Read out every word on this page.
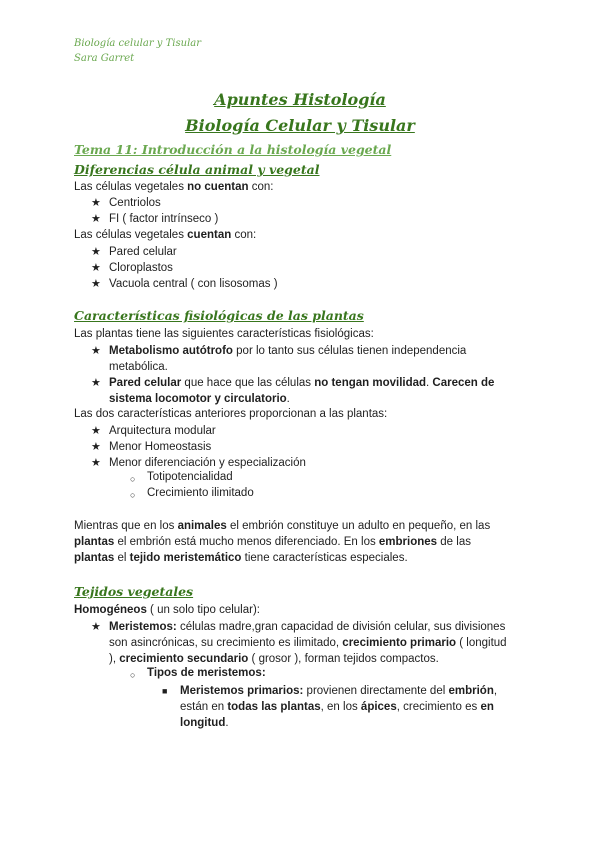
Biología celular y Tisular
Sara Garret
Apuntes Histología
Biología Celular y Tisular
Tema 11: Introducción a la histología vegetal
Diferencias célula animal y vegetal
Las células vegetales no cuentan con:
★ Centriolos
★ FI ( factor intrínseco )
Las células vegetales cuentan con:
★ Pared celular
★ Cloroplastos
★ Vacuola central ( con lisosomas )
Características fisiológicas de las plantas
Las plantas tiene las siguientes características fisiológicas:
★ Metabolismo autótrofo por lo tanto sus células tienen independencia
metabólica.
★ Pared celular que hace que las células no tengan movilidad. Carecen de
sistema locomotor y circulatorio.
Las dos características anteriores proporcionan a las plantas:
★ Arquitectura modular
★ Menor Homeostasis
★ Menor diferenciación y especialización
○ Totipotencialidad
○ Crecimiento ilimitado
Mientras que en los animales el embrión constituye un adulto en pequeño, en las
plantas el embrión está mucho menos diferenciado. En los embriones de las
plantas el tejido meristemático tiene características especiales.
Tejidos vegetales
Homogéneos ( un solo tipo celular):
★ Meristemos: células madre,gran capacidad de división celular, sus divisiones
son asincrónicas, su crecimiento es ilimitado, crecimiento primario ( longitud
), crecimiento secundario ( grosor ), forman tejidos compactos.
○ Tipos de meristemos:
■ Meristemos primarios: provienen directamente del embrión,
están en todas las plantas, en los ápices, crecimiento es en
longitud.
